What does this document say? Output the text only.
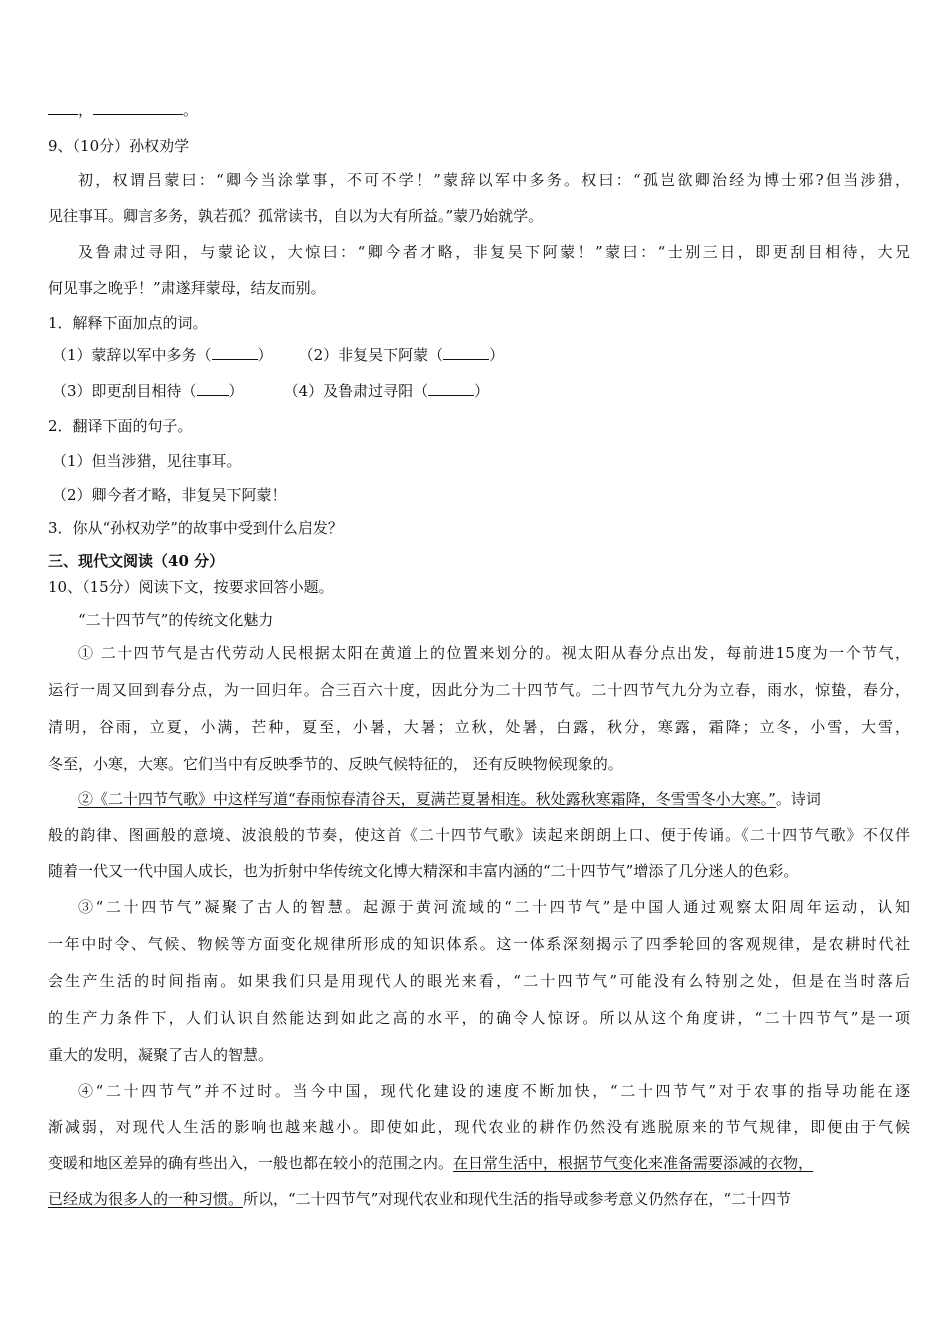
，	。
9、（10分）孙权劝学
初，权谓吕蒙曰：“卿今当涂掌事，不可不学！”蒙辞以军中多务。权曰：“孤岂欲卿治经为博士邪?但当涉猎，
见往事耳。卿言多务，孰若孤？孤常读书，自以为大有所益。”蒙乃始就学。
及鲁肃过寻阳，与蒙论议，大惊曰：“卿今者才略，非复吴下阿蒙！”蒙曰：“士别三日，即更刮目相待，大兄
何见事之晚乎！”肃遂拜蒙母，结友而别。
1．解释下面加点的词。
（1）蒙辞以军中多务（	） （2）非复吴下阿蒙（	）
（3）即更刮目相待（ ）	（4）及鲁肃过寻阳（	）
2．翻译下面的句子。
（1）但当涉猎，见往事耳。
（2）卿今者才略，非复吴下阿蒙！
3．你从“孙权劝学”的故事中受到什么启发？
三、现代文阅读（40 分）
10、（15分）阅读下文，按要求回答小题。
“二十四节气”的传统文化魅力
① 二十四节气是古代劳动人民根据太阳在黄道上的位置来划分的。视太阳从春分点出发，每前进15度为一个节气，
运行一周又回到春分点，为一回归年。合三百六十度，因此分为二十四节气。二十四节气九分为立春，雨水，惊蛰，春分，
清明，谷雨，立夏，小满，芒种，夏至，小暑，大暑；立秋，处暑，白露，秋分，寒露，霜降；立冬，小雪，大雪，
冬至，小寒，大寒。它们当中有反映季节的、反映气候特征的， 还有反映物候现象的。
②《二十四节气歌》中这样写道“春雨惊春清谷天，夏满芒夏暑相连。秋处露秋寒霜降，冬雪雪冬小大寒。”。诗词
般的韵律、图画般的意境、波浪般的节奏，使这首《二十四节气歌》读起来朗朗上口、便于传诵。《二十四节气歌》不仅伴
随着一代又一代中国人成长，也为折射中华传统文化博大精深和丰富内涵的“二十四节气”增添了几分迷人的色彩。
③“二十四节气”凝聚了古人的智慧。起源于黄河流域的“二十四节气”是中国人通过观察太阳周年运动，认知
一年中时令、气候、物候等方面变化规律所形成的知识体系。这一体系深刻揭示了四季轮回的客观规律，是农耕时代社
会生产生活的时间指南。如果我们只是用现代人的眼光来看，“二十四节气”可能没有么特别之处，但是在当时落后
的生产力条件下，人们认识自然能达到如此之高的水平，的确令人惊讶。所以从这个角度讲，“二十四节气”是一项
重大的发明，凝聚了古人的智慧。
④“二十四节气”并不过时。当今中国，现代化建设的速度不断加快，“二十四节气”对于农事的指导功能在逐
渐减弱，对现代人生活的影响也越来越小。即使如此，现代农业的耕作仍然没有逃脱原来的节气规律，即便由于气候
变暖和地区差异的确有些出入，一般也都在较小的范围之内。在日常生活中，根据节气变化来准备需要添减的衣物，
已经成为很多人的一种习惯。所以，“二十四节气”对现代农业和现代生活的指导或参考意义仍然存在，“二十四节
